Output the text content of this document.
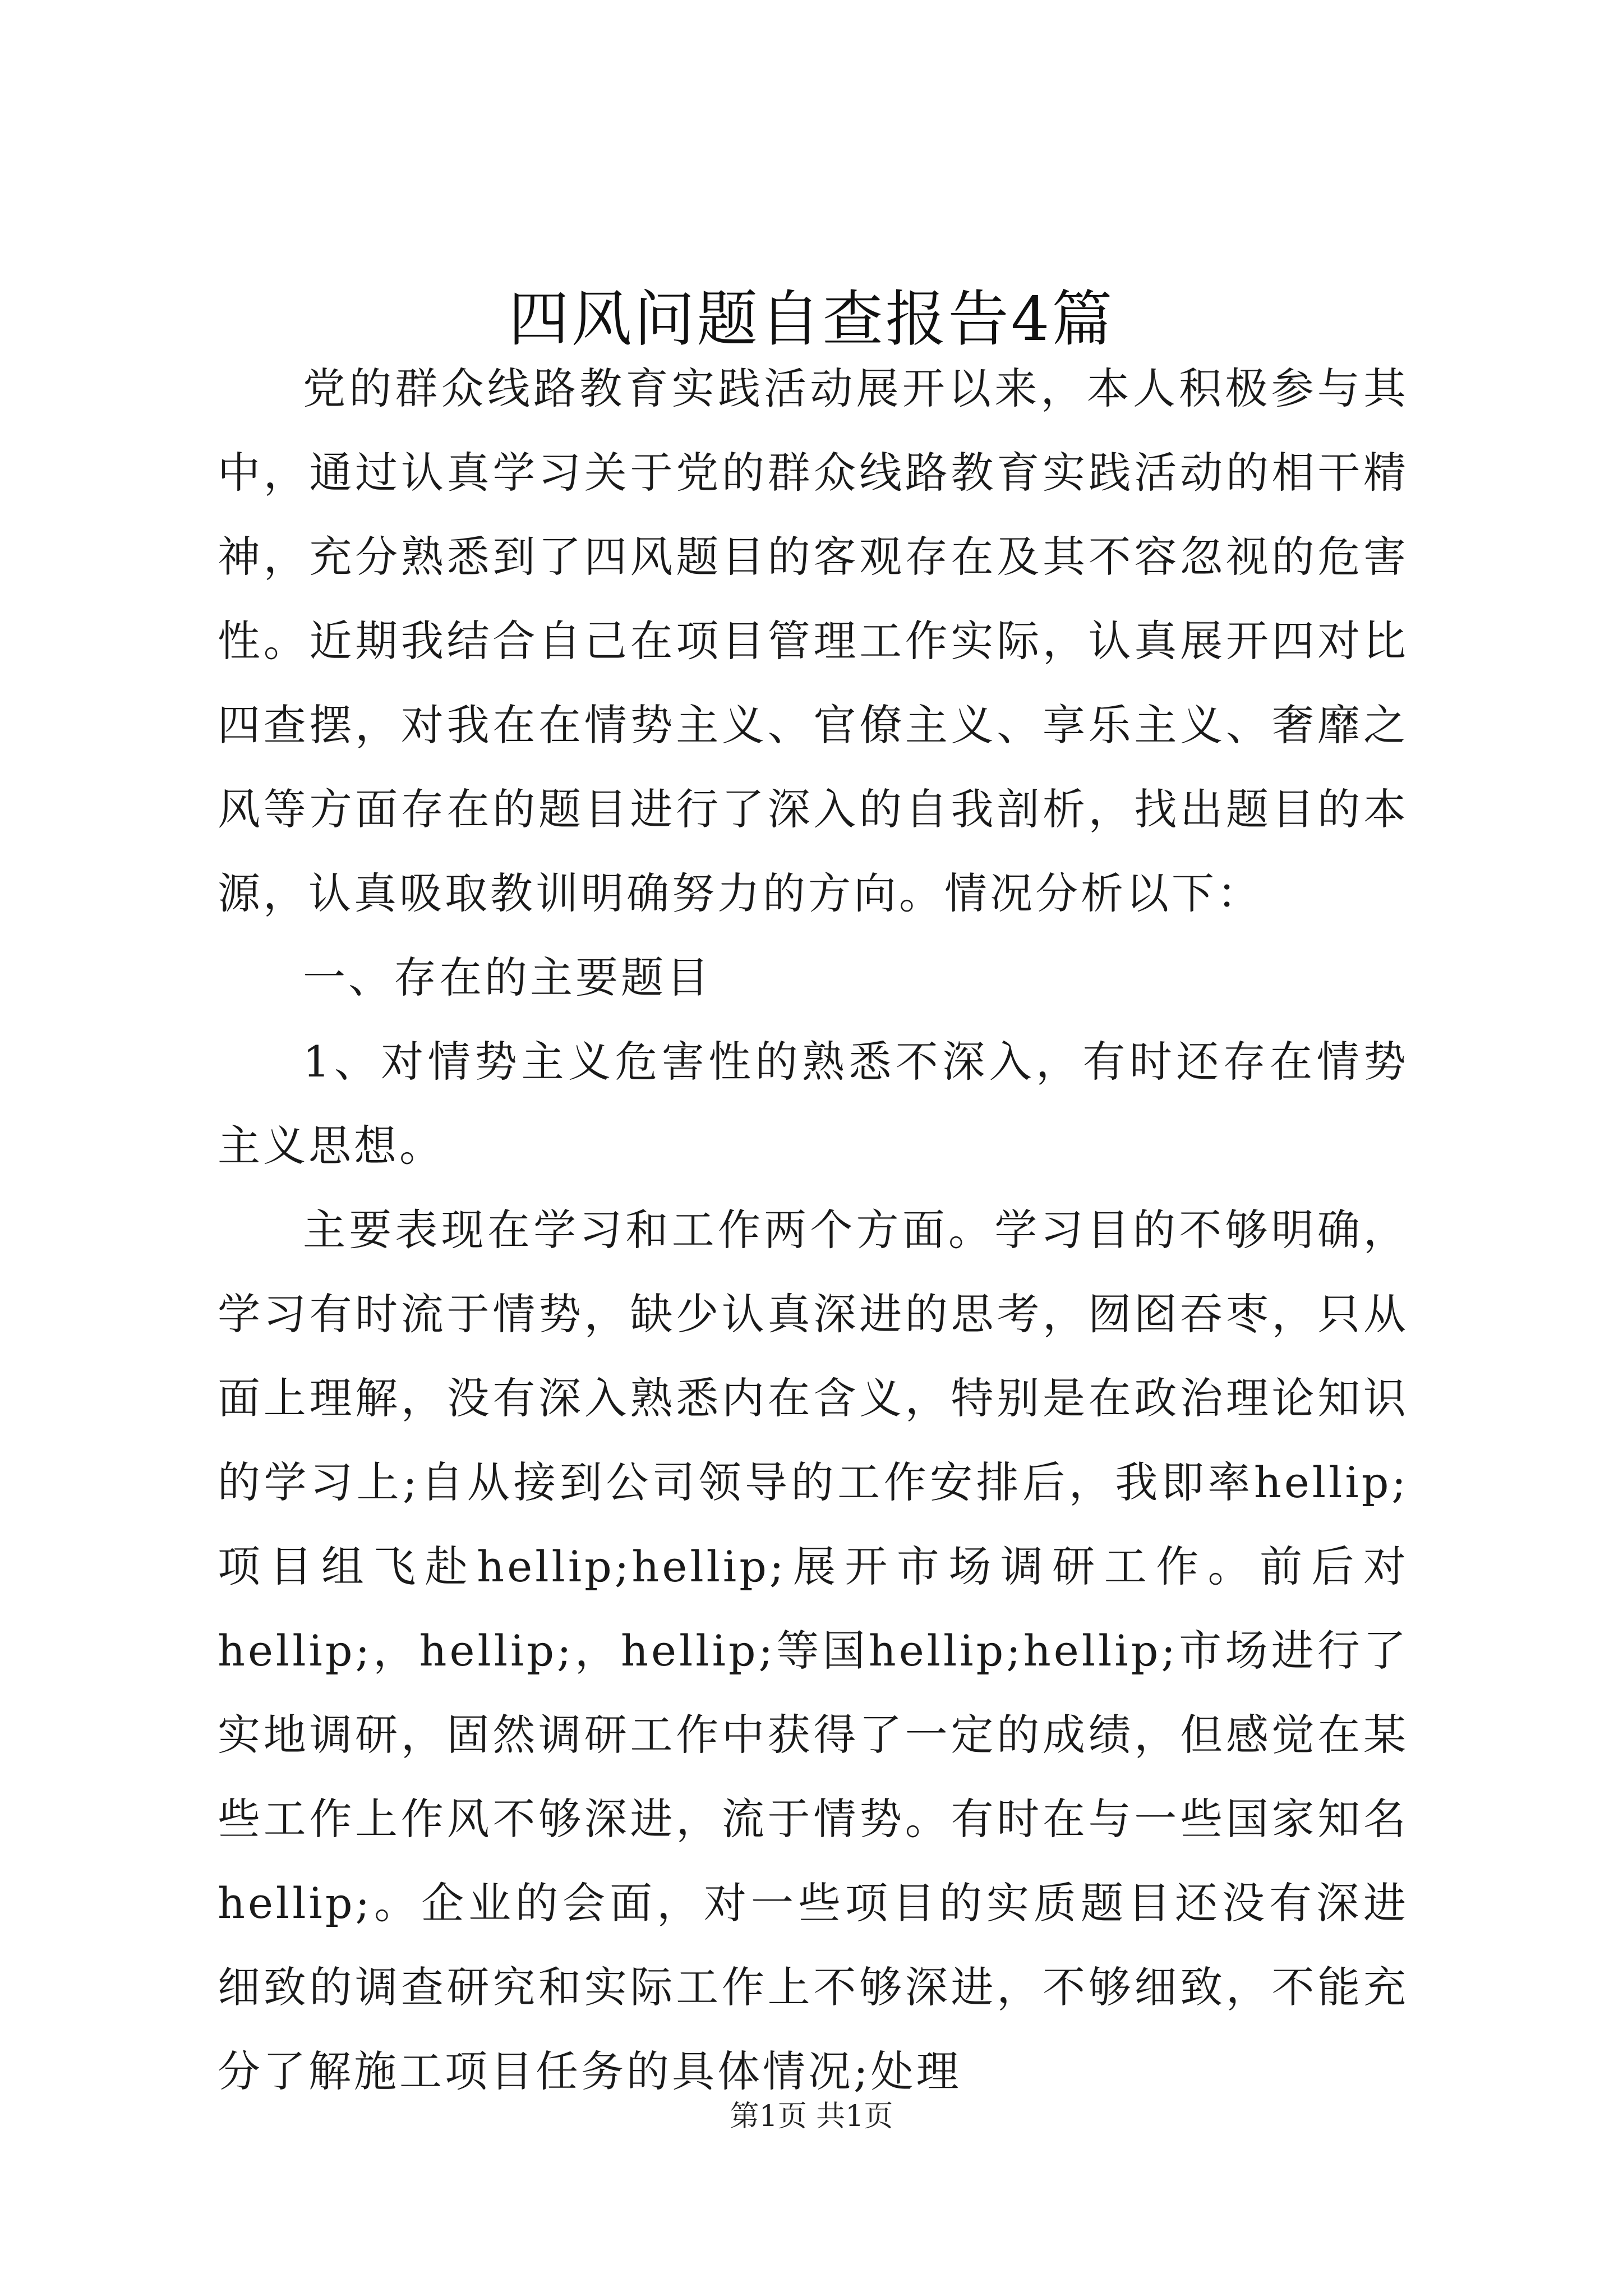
四风问题自查报告4篇

党的群众线路教育实践活动展开以来，本人积极参与其中，通过认真学习关于党的群众线路教育实践活动的相干精神，充分熟悉到了四风题目的客观存在及其不容忽视的危害性。近期我结合自己在项目管理工作实际，认真展开四对比四查摆，对我在在情势主义、官僚主义、享乐主义、奢靡之风等方面存在的题目进行了深入的自我剖析，找出题目的本源，认真吸取教训明确努力的方向。情况分析以下：

一、存在的主要题目

1、对情势主义危害性的熟悉不深入，有时还存在情势主义思想。

主要表现在学习和工作两个方面。学习目的不够明确，学习有时流于情势，缺少认真深进的思考，囫囵吞枣，只从面上理解，没有深入熟悉内在含义，特别是在政治理论知识的学习上;自从接到公司领导的工作安排后，我即率hellip;项目组飞赴hellip;hellip;展开市场调研工作。前后对hellip;，hellip;，hellip;等国hellip;hellip;市场进行了实地调研，固然调研工作中获得了一定的成绩，但感觉在某些工作上作风不够深进，流于情势。有时在与一些国家知名hellip;。企业的会面，对一些项目的实质题目还没有深进细致的调查研究和实际工作上不够深进，不够细致，不能充分了解施工项目任务的具体情况;处理

第1页 共1页
